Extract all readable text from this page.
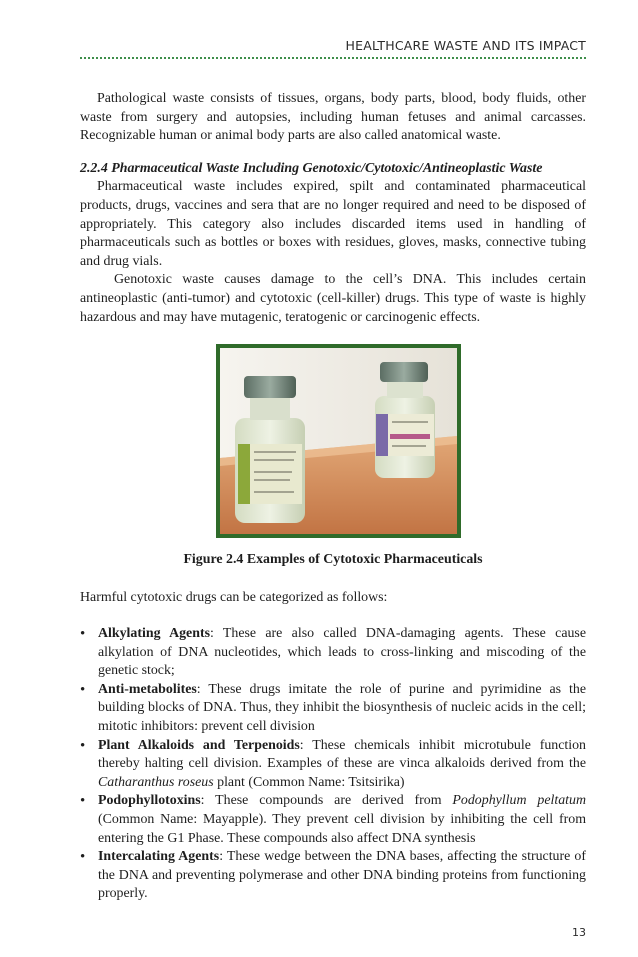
HEALTHCARE WASTE AND ITS IMPACT

Pathological waste consists of tissues, organs, body parts, blood, body fluids, other waste from surgery and autopsies, including human fetuses and animal carcasses. Recognizable human or animal body parts are also called anatomical waste.

2.2.4 Pharmaceutical Waste Including Genotoxic/Cytotoxic/Antineoplastic Waste

Pharmaceutical waste includes expired, spilt and contaminated pharmaceutical products, drugs, vaccines and sera that are no longer required and need to be disposed of appropriately. This category also includes discarded items used in handling of pharmaceuticals such as bottles or boxes with residues, gloves, masks, connective tubing and drug vials.

Genotoxic waste causes damage to the cell’s DNA. This includes certain antineoplastic (anti-tumor) and cytotoxic (cell-killer) drugs. This type of waste is highly hazardous and may have mutagenic, teratogenic or carcinogenic effects.

Figure 2.4 Examples of Cytotoxic Pharmaceuticals
Harmful cytotoxic drugs can be categorized as follows:
• Alkylating Agents: These are also called DNA-damaging agents. These cause alkylation of DNA nucleotides, which leads to cross-linking and miscoding of the genetic stock;
• Anti-metabolites: These drugs imitate the role of purine and pyrimidine as the building blocks of DNA. Thus, they inhibit the biosynthesis of nucleic acids in the cell; mitotic inhibitors: prevent cell division
• Plant Alkaloids and Terpenoids: These chemicals inhibit microtubule function thereby halting cell division. Examples of these are vinca alkaloids derived from the Catharanthus roseus plant (Common Name: Tsitsirika)
• Podophyllotoxins: These compounds are derived from Podophyllum peltatum (Common Name: Mayapple). They prevent cell division by inhibiting the cell from entering the G1 Phase. These compounds also affect DNA synthesis
• Intercalating Agents: These wedge between the DNA bases, affecting the structure of the DNA and preventing polymerase and other DNA binding proteins from functioning properly.
13
